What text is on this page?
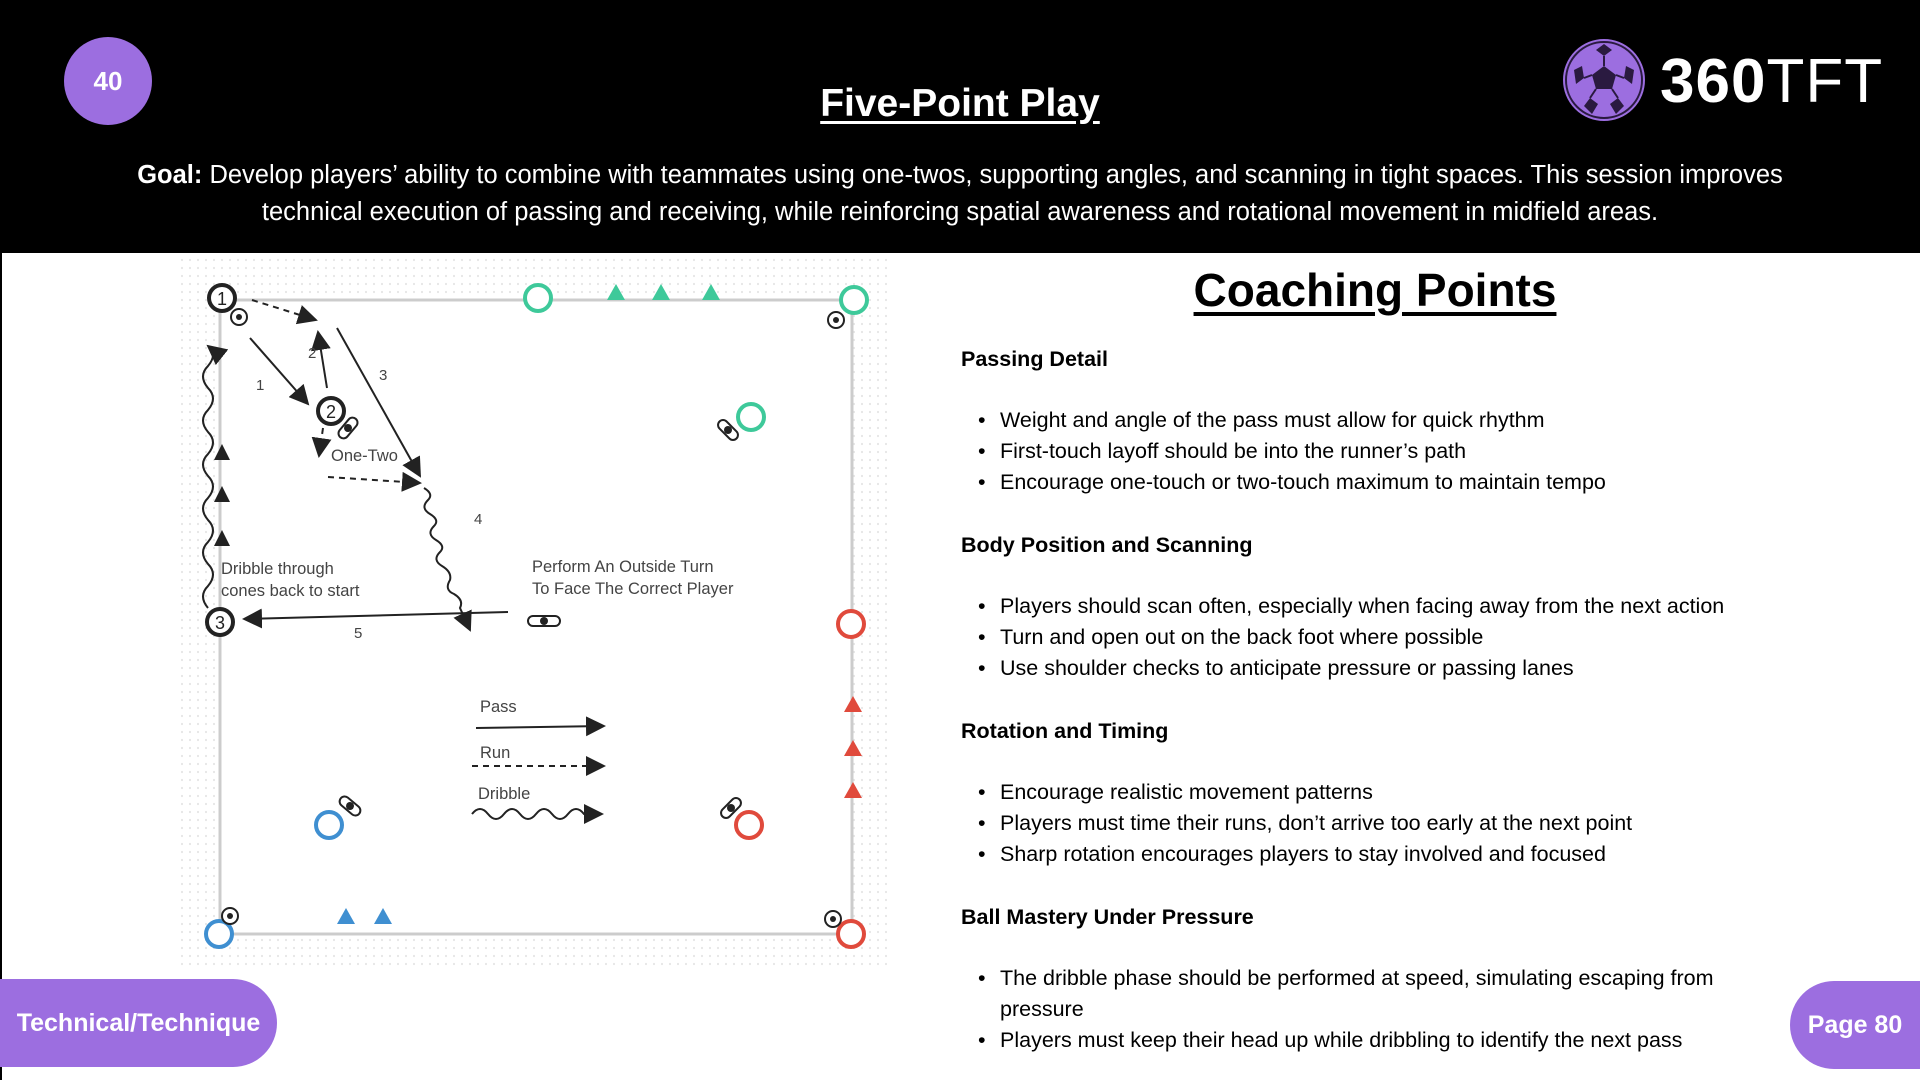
40
Five-Point Play	360TFT
Goal: Develop players’ ability to combine with teammates using one-twos, supporting angles, and scanning in tight spaces. This session improves technical execution of passing and receiving, while reinforcing spatial awareness and rotational movement in midfield areas.
1
2
3
1
2
3
4
5
One-Two
Dribble through
cones back to start
Perform An Outside Turn
To Face The Correct Player
Pass
Run
Dribble
Coaching Points
Passing Detail
• Weight and angle of the pass must allow for quick rhythm
• First-touch layoff should be into the runner’s path
• Encourage one-touch or two-touch maximum to maintain tempo
Body Position and Scanning
• Players should scan often, especially when facing away from the next action
• Turn and open out on the back foot where possible
• Use shoulder checks to anticipate pressure or passing lanes
Rotation and Timing
• Encourage realistic movement patterns
• Players must time their runs, don’t arrive too early at the next point
• Sharp rotation encourages players to stay involved and focused
Ball Mastery Under Pressure
• The dribble phase should be performed at speed, simulating escaping from pressure
• Players must keep their head up while dribbling to identify the next pass
Technical/Technique	Page 80
